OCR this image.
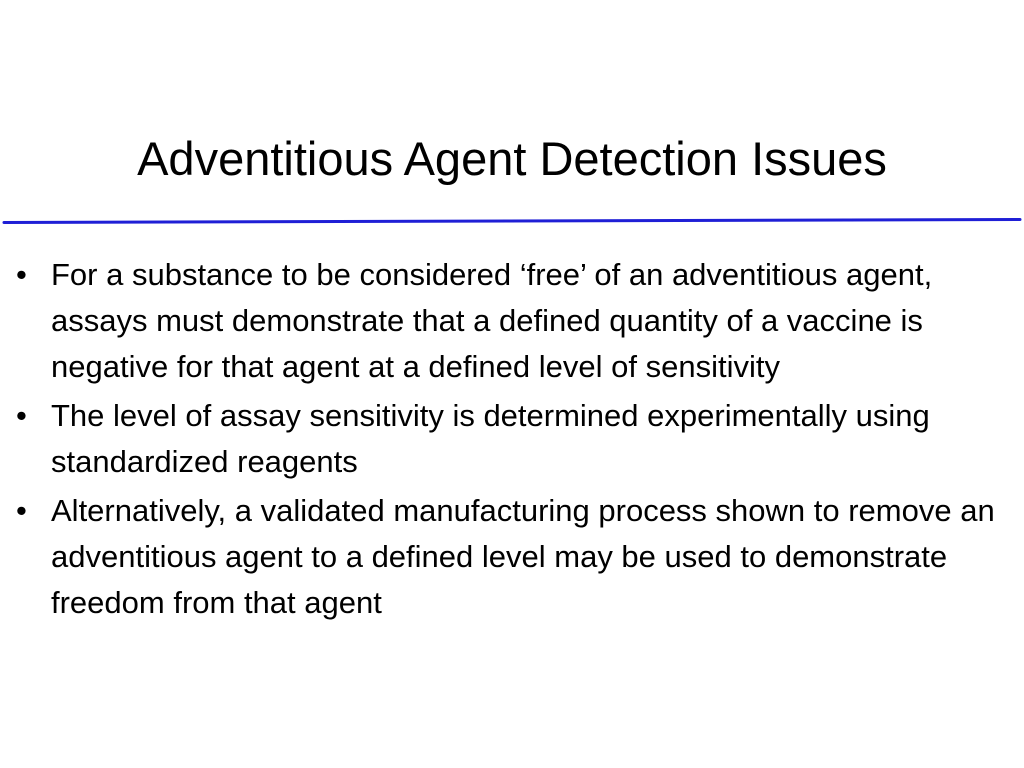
Adventitious Agent Detection Issues
• For a substance to be considered ‘free’ of an adventitious agent, assays must demonstrate that a defined quantity of a vaccine is negative for that agent at a defined level of sensitivity
• The level of assay sensitivity is determined experimentally using standardized reagents
• Alternatively, a validated manufacturing process shown to remove an adventitious agent to a defined level may be used to demonstrate freedom from that agent
